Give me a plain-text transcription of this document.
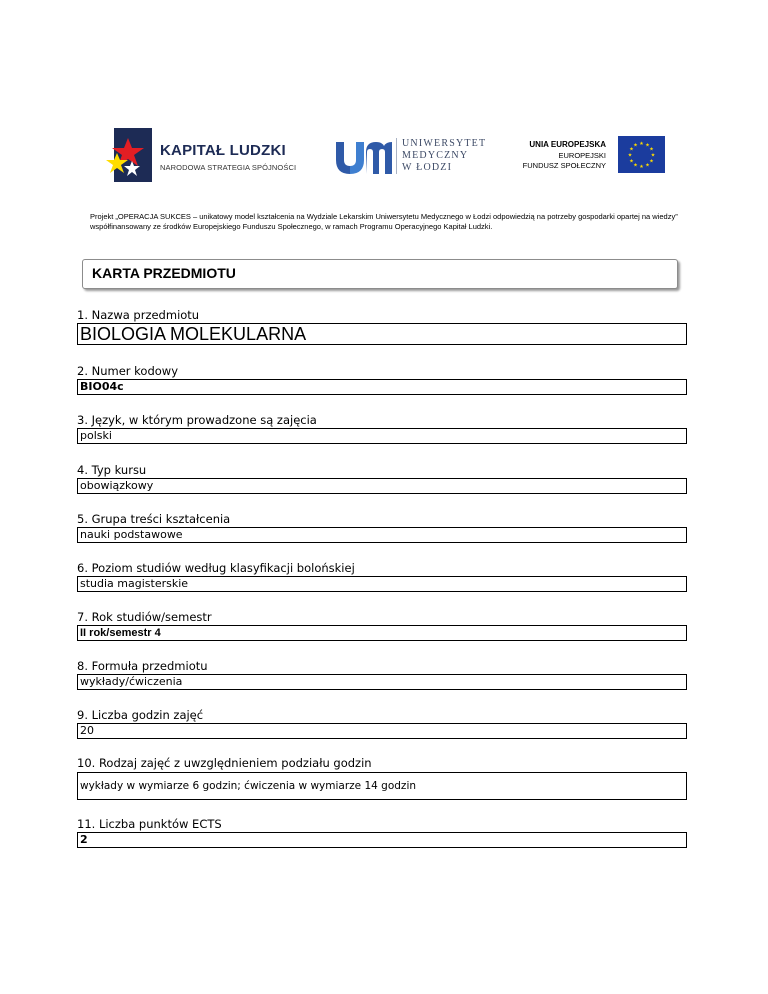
KAPITAŁ LUDZKI
NARODOWA STRATEGIA SPÓJNOŚCI
UNIWERSYTET
MEDYCZNY
W ŁODZI
UNIA EUROPEJSKA
EUROPEJSKI
FUNDUSZ SPOŁECZNY
★ ★
★
★
★
★
★
★
★
★
★
★
Projekt „OPERACJA SUKCES – unikatowy model kształcenia na Wydziale Lekarskim Uniwersytetu Medycznego w Łodzi odpowiedzią na potrzeby gospodarki opartej na wiedzy” współfinansowany ze środków Europejskiego Funduszu Społecznego, w ramach Programu Operacyjnego Kapitał Ludzki.
KARTA PRZEDMIOTU
1. Nazwa przedmiotu
BIOLOGIA MOLEKULARNA
2. Numer kodowy
BIO04c
3. Język, w którym prowadzone są zajęcia
polski
4. Typ kursu
obowiązkowy
5. Grupa treści kształcenia
nauki podstawowe
6. Poziom studiów według klasyfikacji bolońskiej
studia magisterskie
7. Rok studiów/semestr
II rok/semestr 4
8. Formuła przedmiotu
wykłady/ćwiczenia
9. Liczba godzin zajęć
20
10. Rodzaj zajęć z uwzględnieniem podziału godzin
wykłady w wymiarze 6 godzin; ćwiczenia w wymiarze 14 godzin
11. Liczba punktów ECTS
2
